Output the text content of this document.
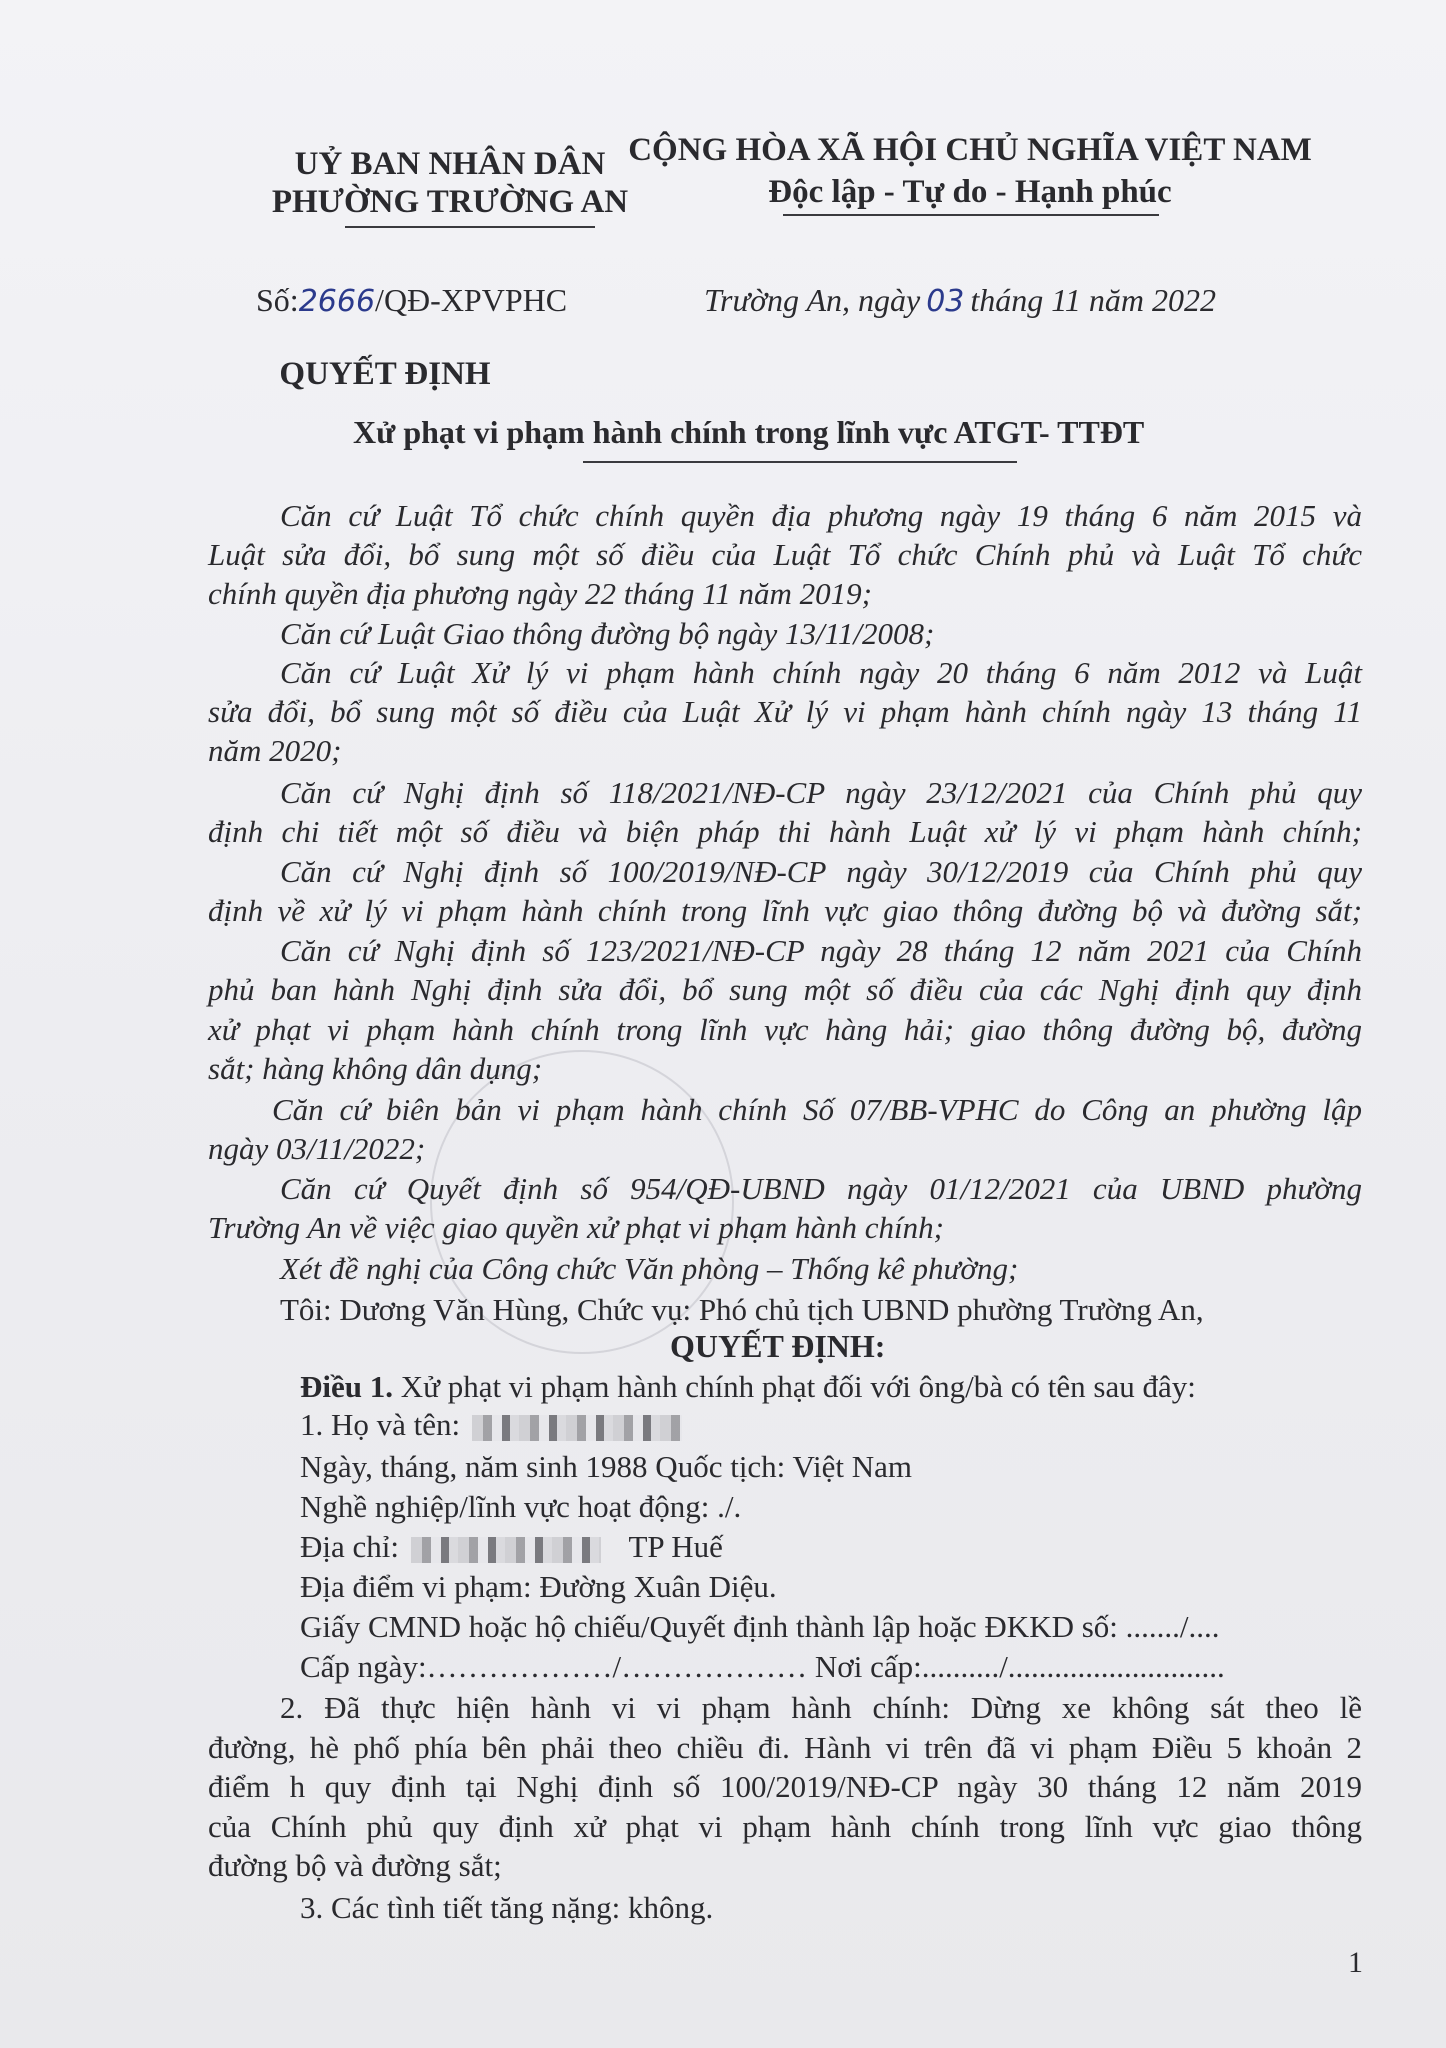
UỶ BAN NHÂN DÂN
PHƯỜNG TRƯỜNG AN
CỘNG HÒA XÃ HỘI CHỦ NGHĨA VIỆT NAM
Độc lập - Tự do - Hạnh phúc
Số:2666/QĐ-XPVPHC	Trường An, ngày 03 tháng 11 năm 2022
QUYẾT ĐỊNH
Xử phạt vi phạm hành chính trong lĩnh vực ATGT- TTĐT
Căn cứ Luật Tổ chức chính quyền địa phương ngày 19 tháng 6 năm 2015 và
Luật sửa đổi, bổ sung một số điều của Luật Tổ chức Chính phủ và Luật Tổ chức
chính quyền địa phương ngày 22 tháng 11 năm 2019;
Căn cứ Luật Giao thông đường bộ ngày 13/11/2008;
Căn cứ Luật Xử lý vi phạm hành chính ngày 20 tháng 6 năm 2012 và Luật
sửa đổi, bổ sung một số điều của Luật Xử lý vi phạm hành chính ngày 13 tháng 11
năm 2020;
Căn cứ Nghị định số 118/2021/NĐ-CP ngày 23/12/2021 của Chính phủ quy
định chi tiết một số điều và biện pháp thi hành Luật xử lý vi phạm hành chính;
Căn cứ Nghị định số 100/2019/NĐ-CP ngày 30/12/2019 của Chính phủ quy
định về xử lý vi phạm hành chính trong lĩnh vực giao thông đường bộ và đường sắt;
Căn cứ Nghị định số 123/2021/NĐ-CP ngày 28 tháng 12 năm 2021 của Chính
phủ ban hành Nghị định sửa đổi, bổ sung một số điều của các Nghị định quy định
xử phạt vi phạm hành chính trong lĩnh vực hàng hải; giao thông đường bộ, đường
sắt; hàng không dân dụng;
Căn cứ biên bản vi phạm hành chính Số 07/BB-VPHC do Công an phường lập
ngày 03/11/2022;
Căn cứ Quyết định số 954/QĐ-UBND ngày 01/12/2021 của UBND phường
Trường An về việc giao quyền xử phạt vi phạm hành chính;
Xét đề nghị của Công chức Văn phòng – Thống kê phường;
Tôi: Dương Văn Hùng, Chức vụ: Phó chủ tịch UBND phường Trường An,
QUYẾT ĐỊNH:
Điều 1. Xử phạt vi phạm hành chính phạt đối với ông/bà có tên sau đây:
1. Họ và tên:
Ngày, tháng, năm sinh 1988 Quốc tịch: Việt Nam
Nghề nghiệp/lĩnh vực hoạt động: ./.
Địa chỉ:	TP Huế
Địa điểm vi phạm: Đường Xuân Diệu.
Giấy CMND hoặc hộ chiếu/Quyết định thành lập hoặc ĐKKD số: ......./....
Cấp ngày:………………/……………… Nơi cấp:........../............................
2. Đã thực hiện hành vi vi phạm hành chính: Dừng xe không sát theo lề
đường, hè phố phía bên phải theo chiều đi. Hành vi trên đã vi phạm Điều 5 khoản 2
điểm h quy định tại Nghị định số 100/2019/NĐ-CP ngày 30 tháng 12 năm 2019
của Chính phủ quy định xử phạt vi phạm hành chính trong lĩnh vực giao thông
đường bộ và đường sắt;
3. Các tình tiết tăng nặng: không.
1
